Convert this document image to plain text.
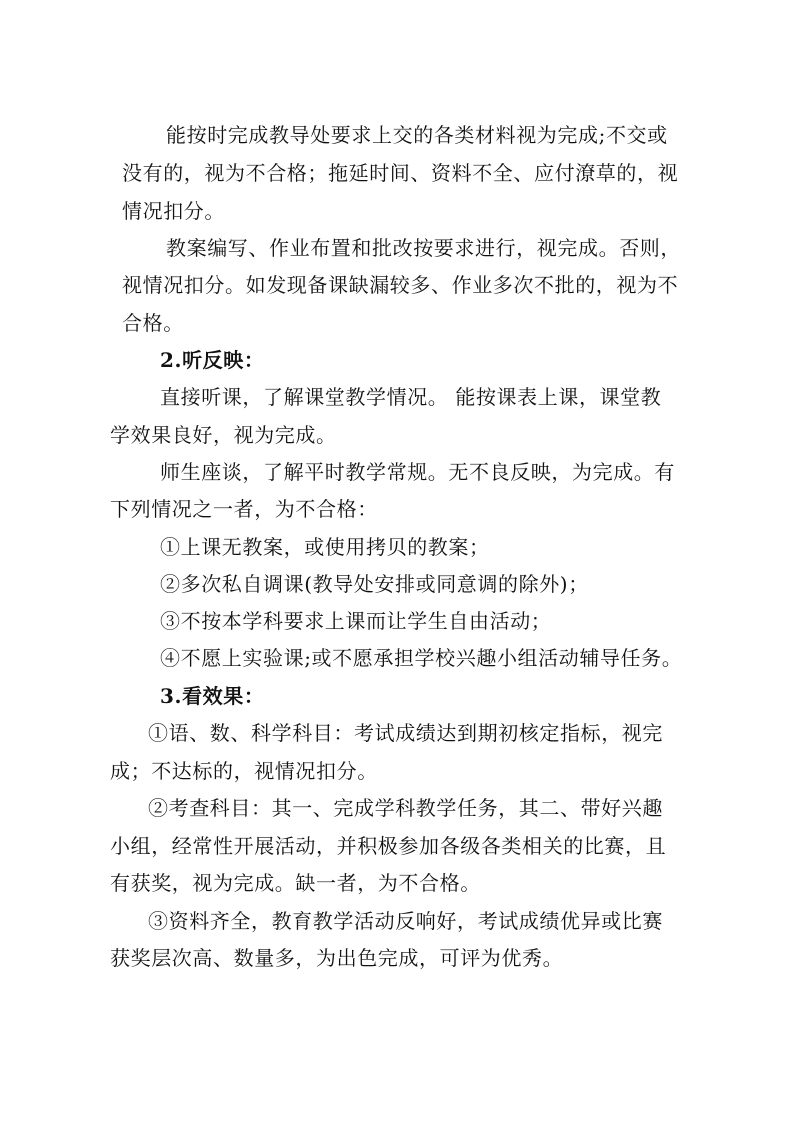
能按时完成教导处要求上交的各类材料视为完成;不交或

没有的，视为不合格；拖延时间、资料不全、应付潦草的，视

情况扣分。

教案编写、作业布置和批改按要求进行，视完成。否则，

视情况扣分。如发现备课缺漏较多、作业多次不批的，视为不

合格。

2.听反映：

直接听课，了解课堂教学情况。 能按课表上课，课堂教

学效果良好，视为完成。

师生座谈，了解平时教学常规。无不良反映，为完成。有

下列情况之一者，为不合格：

①上课无教案，或使用拷贝的教案；

②多次私自调课(教导处安排或同意调的除外)；

③不按本学科要求上课而让学生自由活动；

④不愿上实验课;或不愿承担学校兴趣小组活动辅导任务。

3.看效果：

①语、数、科学科目：考试成绩达到期初核定指标，视完

成；不达标的，视情况扣分。

②考查科目：其一、完成学科教学任务，其二、带好兴趣

小组，经常性开展活动，并积极参加各级各类相关的比赛，且

有获奖，视为完成。缺一者，为不合格。

③资料齐全，教育教学活动反响好，考试成绩优异或比赛

获奖层次高、数量多，为出色完成，可评为优秀。
